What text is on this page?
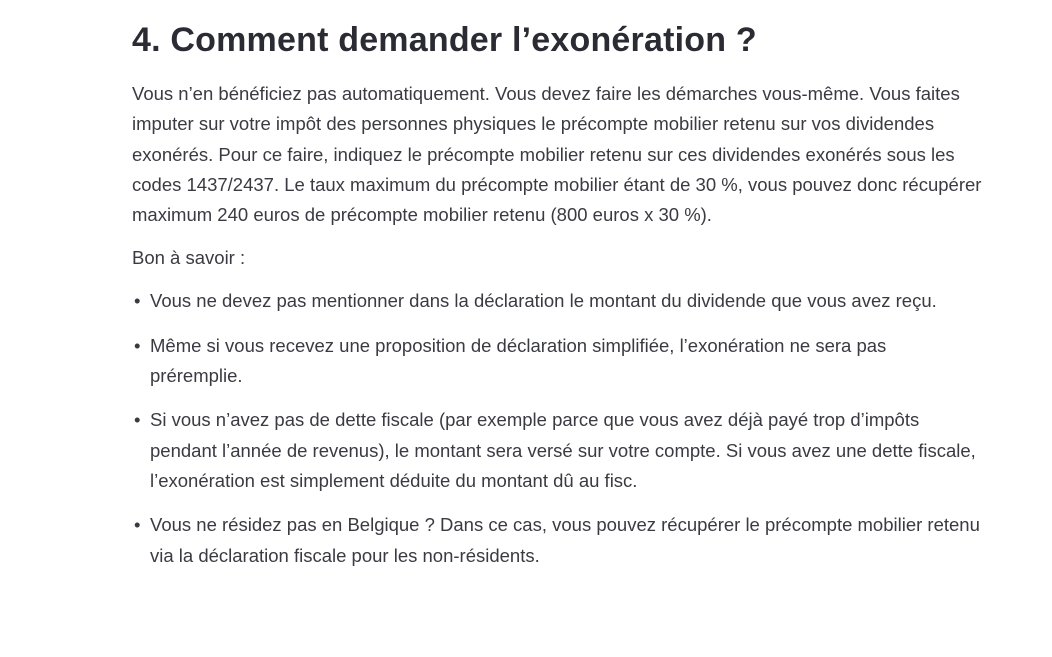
4. Comment demander l’exonération ?

Vous n’en bénéficiez pas automatiquement. Vous devez faire les démarches vous-même. Vous faites imputer sur votre impôt des personnes physiques le précompte mobilier retenu sur vos dividendes exonérés. Pour ce faire, indiquez le précompte mobilier retenu sur ces dividendes exonérés sous les codes 1437/2437. Le taux maximum du précompte mobilier étant de 30 %, vous pouvez donc récupérer maximum 240 euros de précompte mobilier retenu (800 euros x 30 %).

Bon à savoir :

• Vous ne devez pas mentionner dans la déclaration le montant du dividende que vous avez reçu.
• Même si vous recevez une proposition de déclaration simplifiée, l’exonération ne sera pas préremplie.
• Si vous n’avez pas de dette fiscale (par exemple parce que vous avez déjà payé trop d’impôts pendant l’année de revenus), le montant sera versé sur votre compte. Si vous avez une dette fiscale, l’exonération est simplement déduite du montant dû au fisc.
• Vous ne résidez pas en Belgique ? Dans ce cas, vous pouvez récupérer le précompte mobilier retenu via la déclaration fiscale pour les non-résidents.
